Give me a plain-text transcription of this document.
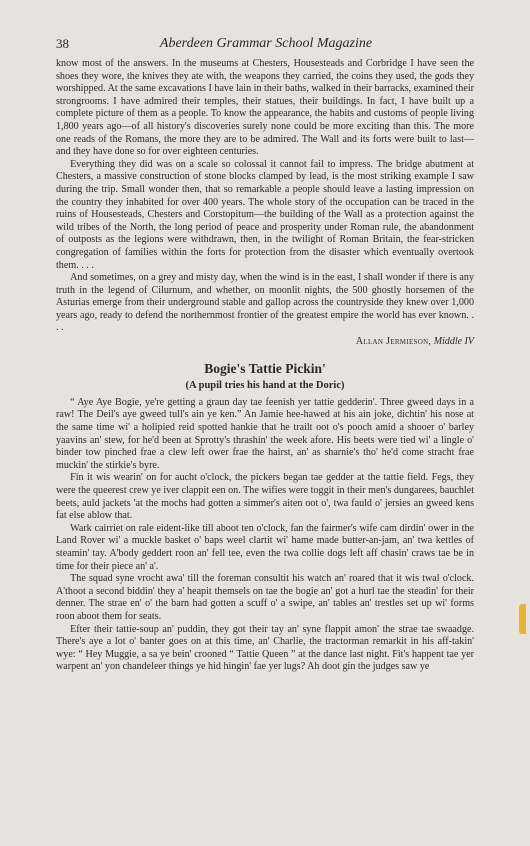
38	Aberdeen Grammar School Magazine

know most of the answers. In the museums at Chesters, Housesteads and Corbridge I have seen the shoes they wore, the knives they ate with, the weapons they carried, the coins they used, the gods they worshipped. At the same excavations I have lain in their baths, walked in their barracks, examined their strongrooms. I have admired their temples, their statues, their buildings. In fact, I have built up a complete picture of them as a people. To know the appearance, the habits and customs of people living 1,800 years ago—of all history's discoveries surely none could be more exciting than this. The more one reads of the Romans, the more they are to be admired. The Wall and its forts were built to last—and they have done so for over eighteen centuries.

Everything they did was on a scale so colossal it cannot fail to impress. The bridge abutment at Chesters, a massive construction of stone blocks clamped by lead, is the most striking example I saw during the trip. Small wonder then, that so remarkable a people should leave a lasting impression on the country they inhabited for over 400 years. The whole story of the occupation can be traced in the ruins of Housesteads, Chesters and Corstopitum—the building of the Wall as a protection against the wild tribes of the North, the long period of peace and prosperity under Roman rule, the abandonment of outposts as the legions were withdrawn, then, in the twilight of Roman Britain, the fear-stricken congregation of families within the forts for protection from the disaster which eventually overtook them. . . .

And sometimes, on a grey and misty day, when the wind is in the east, I shall wonder if there is any truth in the legend of Cilurnum, and whether, on moonlit nights, the 500 ghostly horsemen of the Asturias emerge from their underground stable and gallop across the countryside they knew over 1,000 years ago, ready to defend the northernmost frontier of the greatest empire the world has ever known. . . .

Allan Jermieson, Middle IV
Bogie's Tattie Pickin'
(A pupil tries his hand at the Doric)

“ Aye Aye Bogie, ye're getting a graun day tae feenish yer tattie gedderin'. Three gweed days in a raw! The Deil's aye gweed tull's ain ye ken.” An Jamie hee-hawed at his ain joke, dichtin' his nose at the same time wi' a holipied reid spotted hankie that he trailt oot o's pooch amid a shooer o' barley yaavins an' stew, for he'd been at Sprotty's thrashin' the week afore. His beets were tied wi' a lingle o' binder tow pinched frae a clew left ower frae the hairst, an' as sharnie's tho' he'd come stracht frae muckin' the stirkie's byre.

Fin it wis wearin' on for aucht o'clock, the pickers began tae gedder at the tattie field. Fegs, they were the queerest crew ye iver clappit een on. The wifies were toggit in their men's dungarees, bauchlet beets, auld jackets 'at the mochs had gotten a simmer's aiten oot o', twa fauld o' jersies an gweed kens fat else ablow that.

Wark cairriet on rale eident-like till aboot ten o'clock, fan the fairmer's wife cam dirdin' ower in the Land Rover wi' a muckle basket o' baps weel clartit wi' hame made butter-an-jam, an' twa kettles of steamin' tay. A'body geddert roon an' fell tee, even the twa collie dogs left aff chasin' craws tae be in time for their piece an' a'.

The squad syne vrocht awa' till the foreman consultit his watch an' roared that it wis twal o'clock. A'thoot a second biddin' they a' heapit themsels on tae the bogie an' got a hurl tae the steadin' for their denner. The strae en' o' the barn had gotten a scuff o' a swipe, an' tables an' trestles set up wi' forms roon aboot them for seats.

Efter their tattie-soup an' puddin, they got their tay an' syne flappit amon' the strae tae swaadge. There's aye a lot o' banter goes on at this time, an' Charlie, the tractorman remarkit in his aff-takin' wye: “ Hey Muggie, a sa ye bein' crooned “ Tattie Queen ” at the dance last night. Fit's happent tae yer warpent an' yon chandeleer things ye hid hingin' fae yer lugs? Ah doot gin the judges saw ye
